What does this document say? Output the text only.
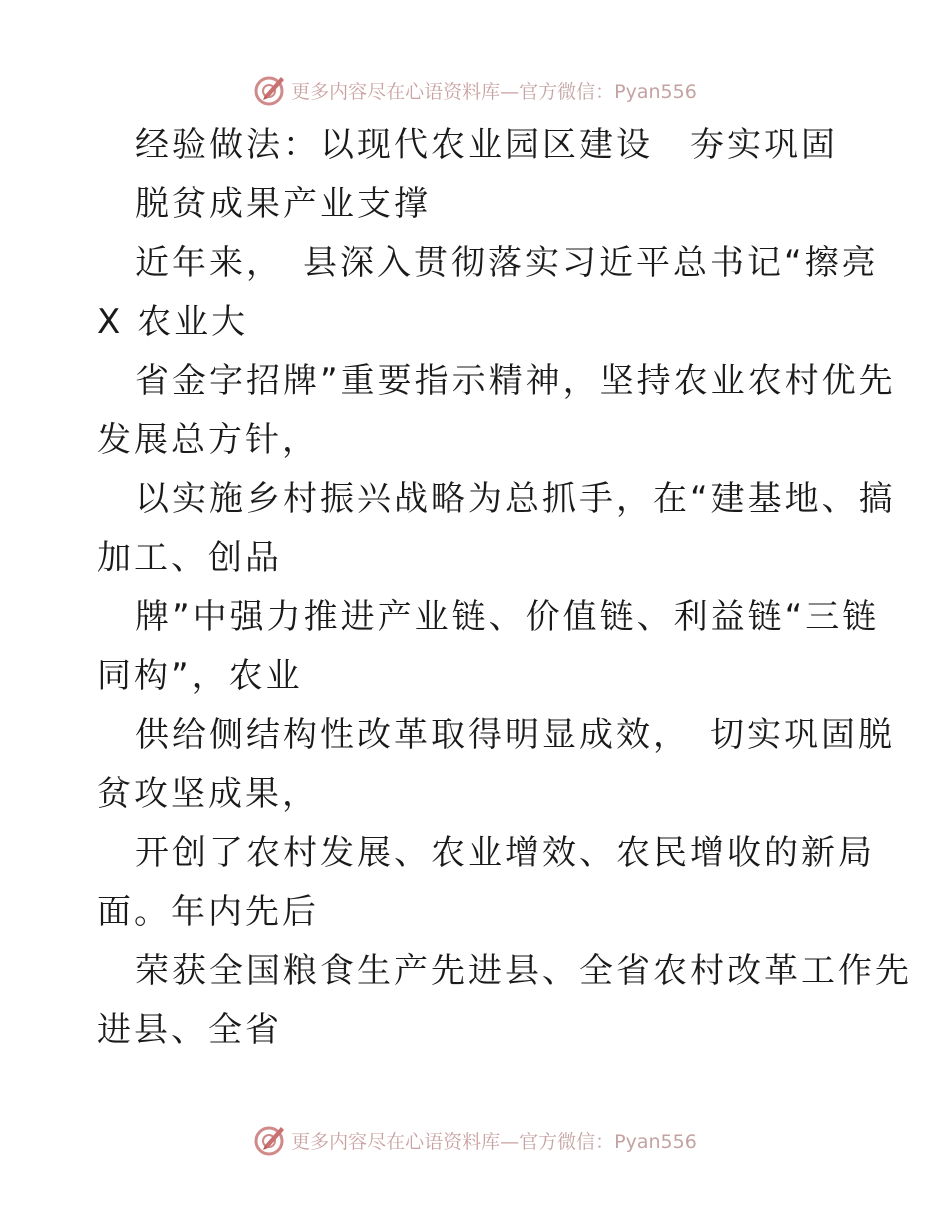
更多内容尽在心语资料库—官方微信：Pyan556
经验做法：以现代农业园区建设　夯实巩固
脱贫成果产业支撑
近年来，　县深入贯彻落实习近平总书记“擦亮
X 农业大
省金字招牌”重要指示精神，坚持农业农村优先
发展总方针，
以实施乡村振兴战略为总抓手，在“建基地、搞
加工、创品
牌”中强力推进产业链、价值链、利益链“三链
同构”，农业
供给侧结构性改革取得明显成效，　切实巩固脱
贫攻坚成果，
开创了农村发展、农业增效、农民增收的新局
面。年内先后
荣获全国粮食生产先进县、全省农村改革工作先
进县、全省
更多内容尽在心语资料库—官方微信：Pyan556
